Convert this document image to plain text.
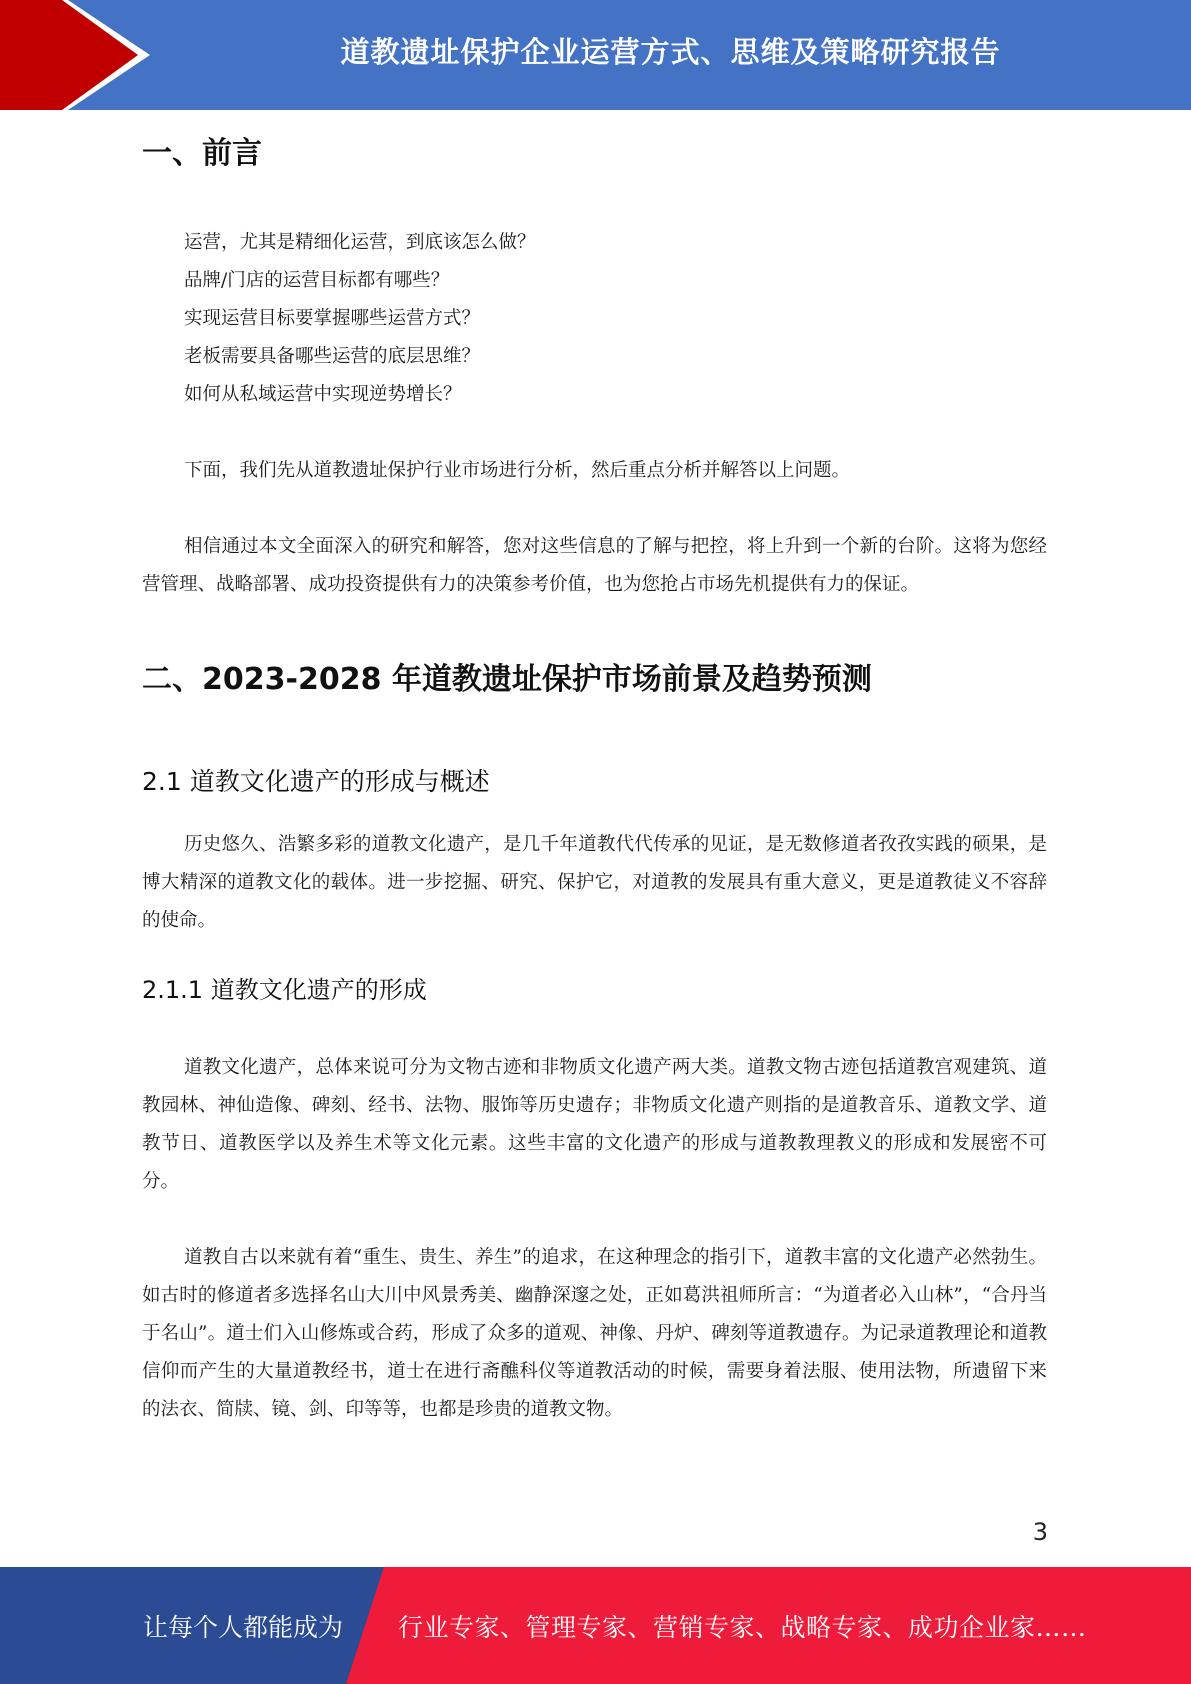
道教遗址保护企业运营方式、思维及策略研究报告
一、前言
运营，尤其是精细化运营，到底该怎么做？
品牌/门店的运营目标都有哪些？
实现运营目标要掌握哪些运营方式？
老板需要具备哪些运营的底层思维？
如何从私域运营中实现逆势增长？

下面，我们先从道教遗址保护行业市场进行分析，然后重点分析并解答以上问题。

相信通过本文全面深入的研究和解答，您对这些信息的了解与把控，将上升到一个新的台阶。这将为您经营管理、战略部署、成功投资提供有力的决策参考价值，也为您抢占市场先机提供有力的保证。

二、2023-2028 年道教遗址保护市场前景及趋势预测
2.1 道教文化遗产的形成与概述

历史悠久、浩繁多彩的道教文化遗产，是几千年道教代代传承的见证，是无数修道者孜孜实践的硕果，是博大精深的道教文化的载体。进一步挖掘、研究、保护它，对道教的发展具有重大意义，更是道教徒义不容辞的使命。

2.1.1 道教文化遗产的形成

道教文化遗产，总体来说可分为文物古迹和非物质文化遗产两大类。道教文物古迹包括道教宫观建筑、道教园林、神仙造像、碑刻、经书、法物、服饰等历史遗存；非物质文化遗产则指的是道教音乐、道教文学、道教节日、道教医学以及养生术等文化元素。这些丰富的文化遗产的形成与道教教理教义的形成和发展密不可分。

道教自古以来就有着“重生、贵生、养生”的追求，在这种理念的指引下，道教丰富的文化遗产必然勃生。如古时的修道者多选择名山大川中风景秀美、幽静深邃之处，正如葛洪祖师所言：“为道者必入山林”，“合丹当于名山”。道士们入山修炼或合药，形成了众多的道观、神像、丹炉、碑刻等道教遗存。为记录道教理论和道教信仰而产生的大量道教经书，道士在进行斋醮科仪等道教活动的时候，需要身着法服、使用法物，所遗留下来的法衣、简牍、镜、剑、印等等，也都是珍贵的道教文物。

3
让每个人都能成为 行业专家、管理专家、营销专家、战略专家、成功企业家……
